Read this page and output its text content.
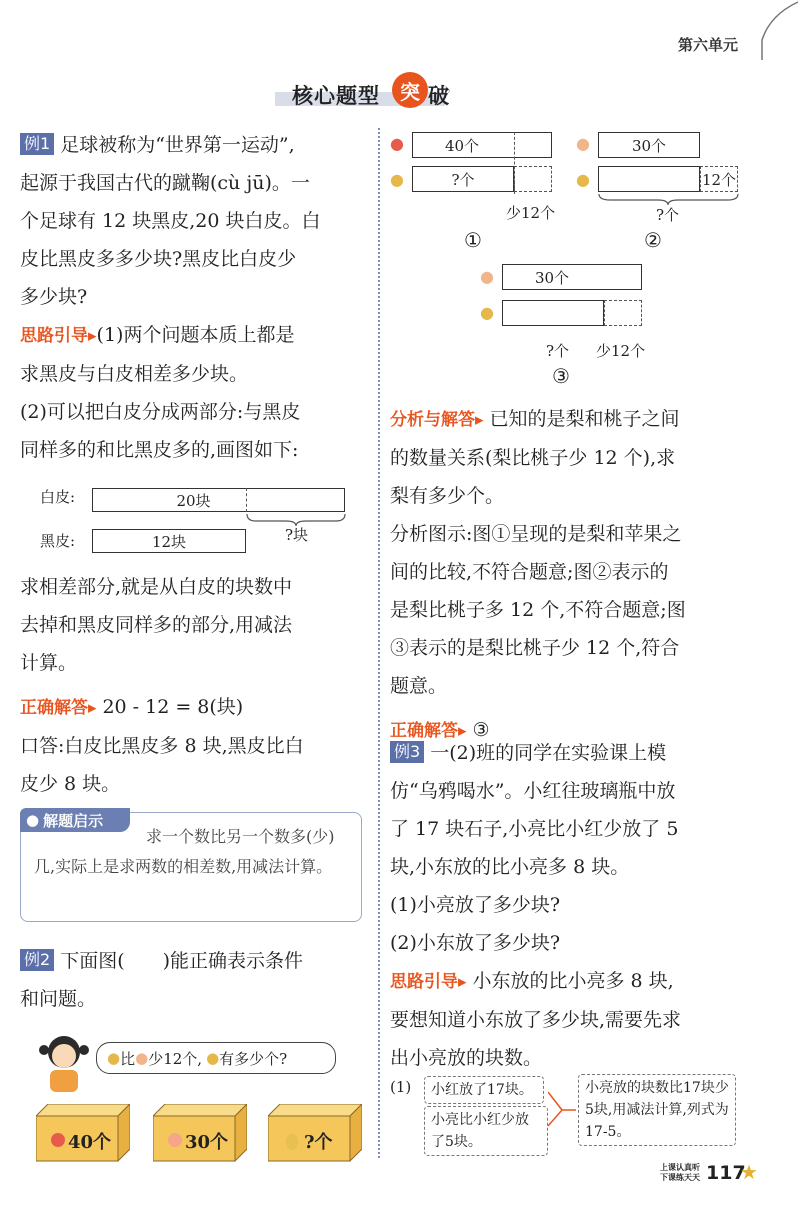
第六单元
核心题型	突 破
例1 足球被称为“世界第一运动”,
起源于我国古代的蹴鞠(cù jū)。一
个足球有 12 块黑皮,20 块白皮。白
皮比黑皮多多少块?黑皮比白皮少
多少块?
思路引导▸(1)两个问题本质上都是
求黑皮与白皮相差多少块。
(2)可以把白皮分成两部分:与黑皮
同样多的和比黑皮多的,画图如下:
白皮:	20块
黑皮:	12块	?块
求相差部分,就是从白皮的块数中
去掉和黑皮同样多的部分,用减法
计算。
正确解答▸ 20 - 12 = 8(块)
口答:白皮比黑皮多 8 块,黑皮比白
皮少 8 块。
● 解题启示
求一个数比另一个数多(少)几,实际上是求两数的相差数,用减法计算。
例2 下面图(　　)能正确表示条件
和问题。
● 比 ● 少12个, ● 有多少个?
40个	30个	?个
●	40个
●	?个
少12个
①
●	30个
●	12个
?个
②
●	30个
●
?个 少12个
③
分析与解答▸ 已知的是梨和桃子之间
的数量关系(梨比桃子少 12 个),求
梨有多少个。
分析图示:图①呈现的是梨和苹果之
间的比较,不符合题意;图②表示的
是梨比桃子多 12 个,不符合题意;图
③表示的是梨比桃子少 12 个,符合
题意。
正确解答▸ ③
例3 一(2)班的同学在实验课上模
仿“乌鸦喝水”。小红往玻璃瓶中放
了 17 块石子,小亮比小红少放了 5
块,小东放的比小亮多 8 块。
(1)小亮放了多少块?
(2)小东放了多少块?
思路引导▸ 小东放的比小亮多 8 块,
要想知道小东放了多少块,需要先求
出小亮放的块数。
(1)	小红放了17块。
小亮比小红少放了5块。
小亮放的块数比17块少5块,用减法计算,列式为17-5。
上课认真听 下课练天天 117
★
